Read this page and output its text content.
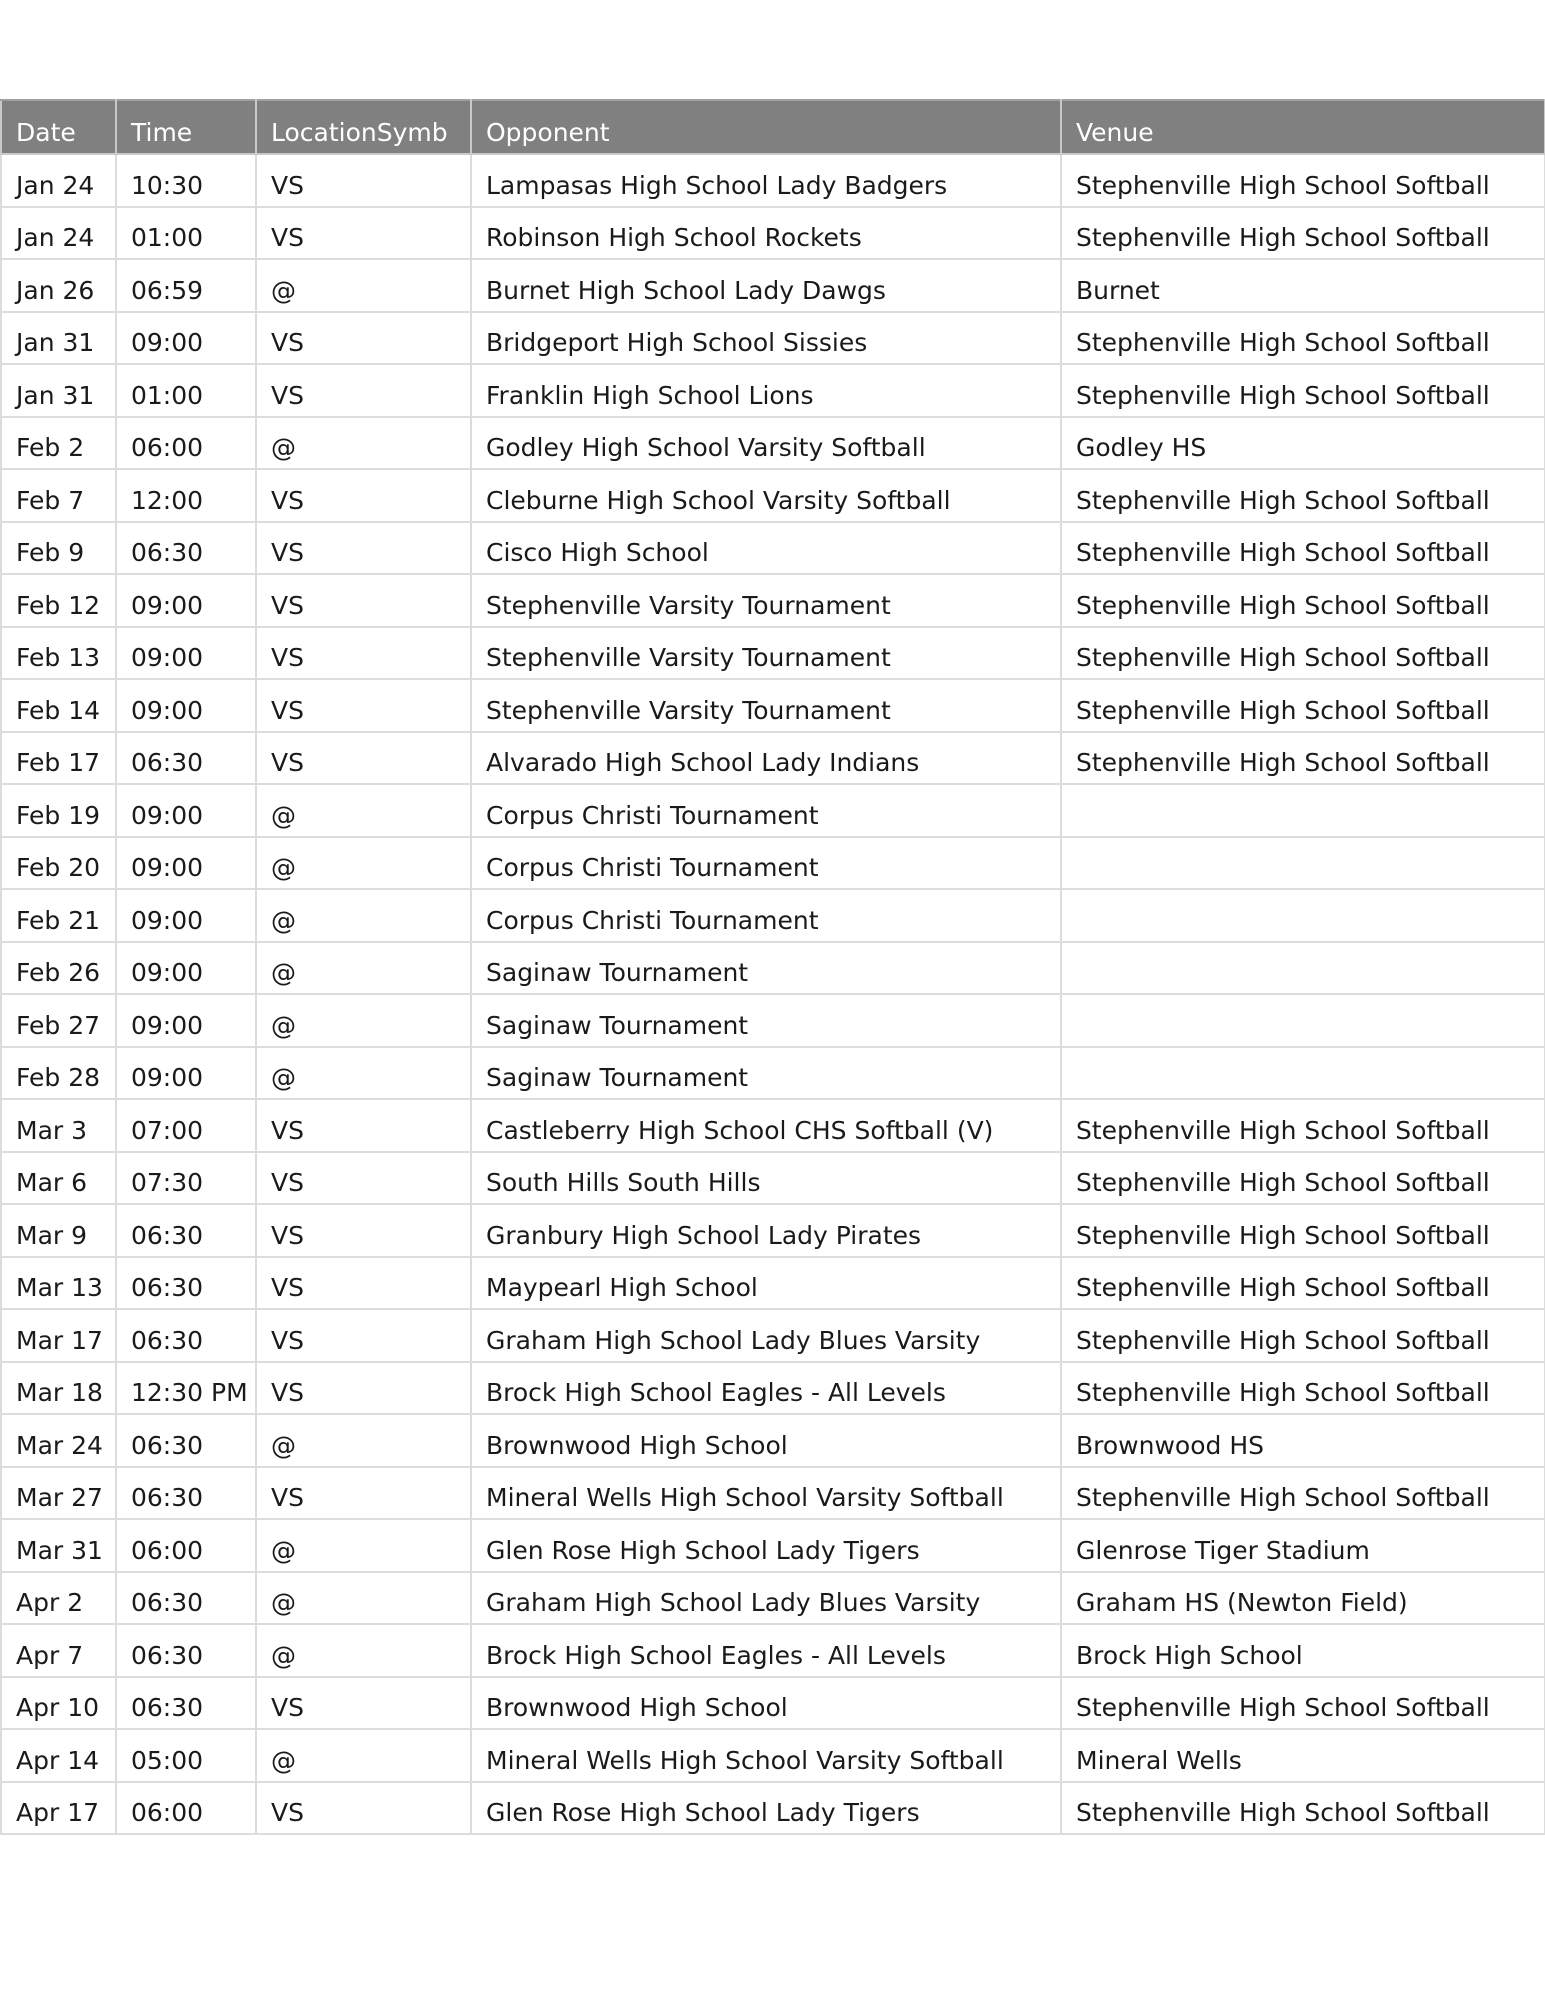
Date	Time	LocationSymb	Opponent	Venue
Jan 24	10:30	VS	Lampasas High School Lady Badgers	Stephenville High School Softball
Jan 24	01:00	VS	Robinson High School Rockets	Stephenville High School Softball
Jan 26	06:59	@	Burnet High School Lady Dawgs	Burnet
Jan 31	09:00	VS	Bridgeport High School Sissies	Stephenville High School Softball
Jan 31	01:00	VS	Franklin High School Lions	Stephenville High School Softball
Feb 2	06:00	@	Godley High School Varsity Softball	Godley HS
Feb 7	12:00	VS	Cleburne High School Varsity Softball	Stephenville High School Softball
Feb 9	06:30	VS	Cisco High School	Stephenville High School Softball
Feb 12	09:00	VS	Stephenville Varsity Tournament	Stephenville High School Softball
Feb 13	09:00	VS	Stephenville Varsity Tournament	Stephenville High School Softball
Feb 14	09:00	VS	Stephenville Varsity Tournament	Stephenville High School Softball
Feb 17	06:30	VS	Alvarado High School Lady Indians	Stephenville High School Softball
Feb 19	09:00	@	Corpus Christi Tournament	
Feb 20	09:00	@	Corpus Christi Tournament	
Feb 21	09:00	@	Corpus Christi Tournament	
Feb 26	09:00	@	Saginaw Tournament	
Feb 27	09:00	@	Saginaw Tournament	
Feb 28	09:00	@	Saginaw Tournament	
Mar 3	07:00	VS	Castleberry High School CHS Softball (V)	Stephenville High School Softball
Mar 6	07:30	VS	South Hills South Hills	Stephenville High School Softball
Mar 9	06:30	VS	Granbury High School Lady Pirates	Stephenville High School Softball
Mar 13	06:30	VS	Maypearl High School	Stephenville High School Softball
Mar 17	06:30	VS	Graham High School Lady Blues Varsity	Stephenville High School Softball
Mar 18	12:30 PM	VS	Brock High School Eagles - All Levels	Stephenville High School Softball
Mar 24	06:30	@	Brownwood High School	Brownwood HS
Mar 27	06:30	VS	Mineral Wells High School Varsity Softball	Stephenville High School Softball
Mar 31	06:00	@	Glen Rose High School Lady Tigers	Glenrose Tiger Stadium
Apr 2	06:30	@	Graham High School Lady Blues Varsity	Graham HS (Newton Field)
Apr 7	06:30	@	Brock High School Eagles - All Levels	Brock High School
Apr 10	06:30	VS	Brownwood High School	Stephenville High School Softball
Apr 14	05:00	@	Mineral Wells High School Varsity Softball	Mineral Wells
Apr 17	06:00	VS	Glen Rose High School Lady Tigers	Stephenville High School Softball
